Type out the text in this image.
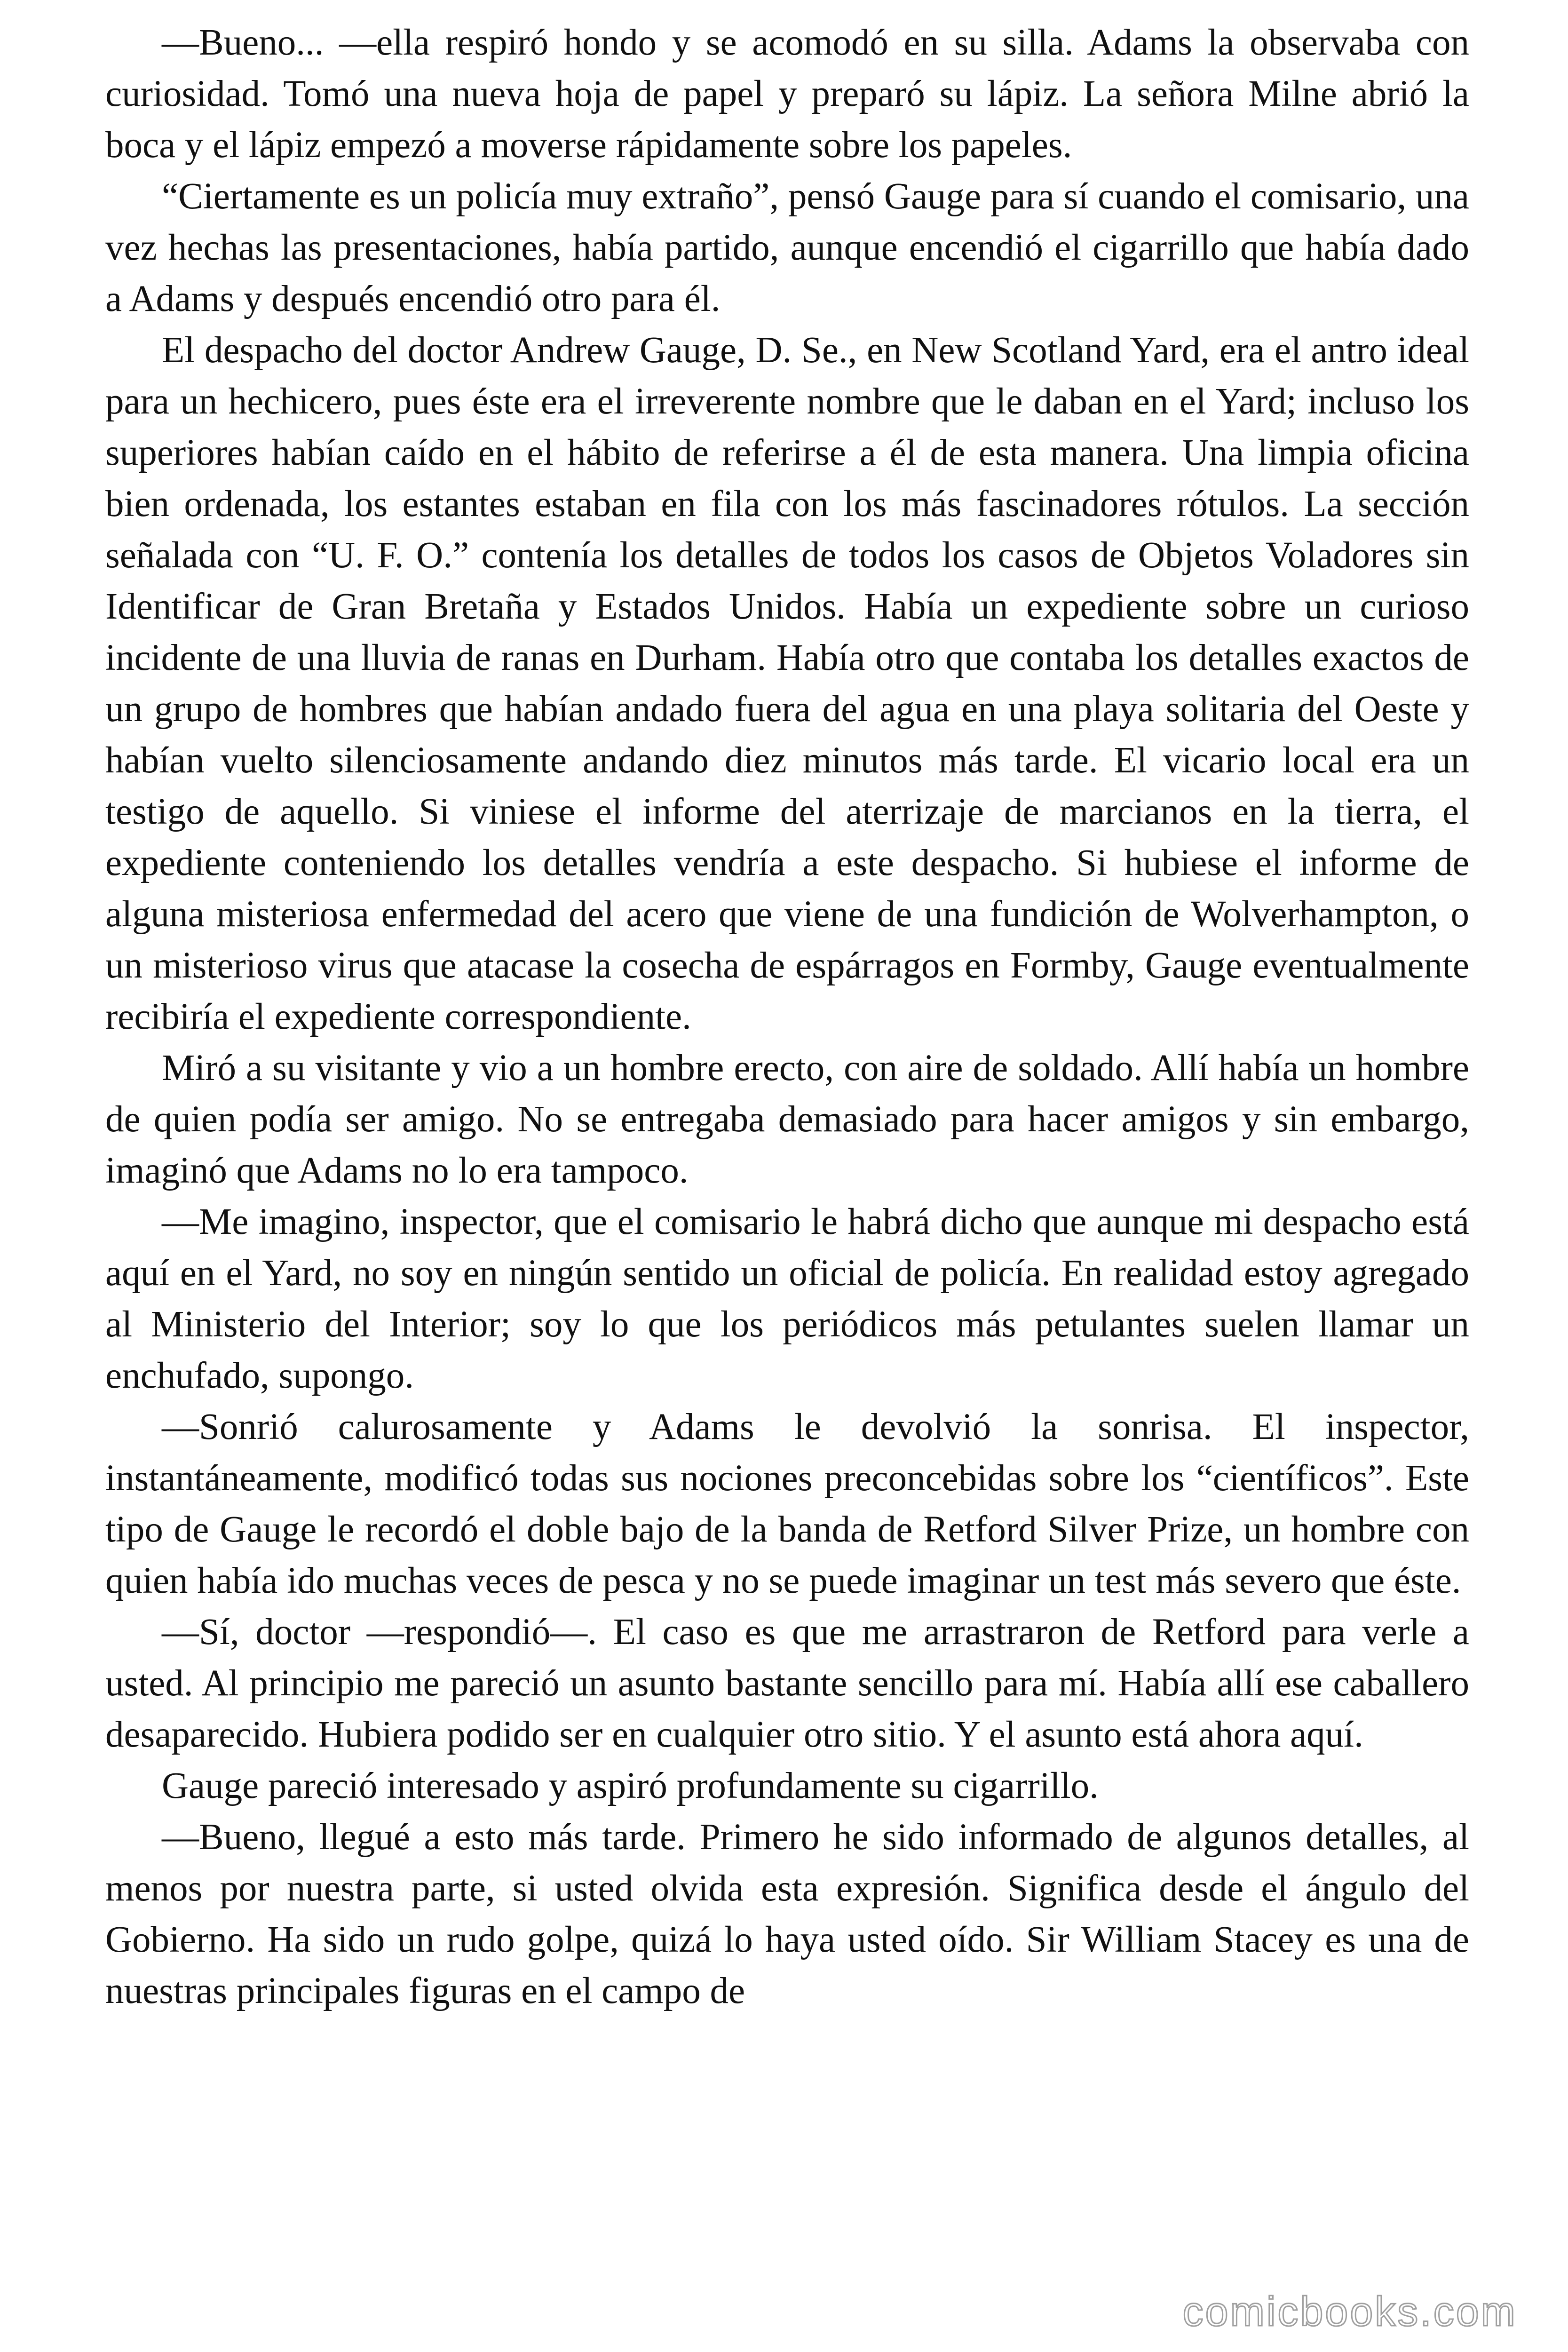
—Bueno... —ella respiró hondo y se acomodó en su silla. Adams la observaba con curiosidad. Tomó una nueva hoja de papel y preparó su lápiz. La señora Milne abrió la boca y el lápiz empezó a moverse rápidamente sobre los papeles.

“Ciertamente es un policía muy extraño”, pensó Gauge para sí cuando el comisario, una vez hechas las presentaciones, había partido, aunque encendió el cigarrillo que había dado a Adams y después encendió otro para él.

El despacho del doctor Andrew Gauge, D. Se., en New Scotland Yard, era el antro ideal para un hechicero, pues éste era el irreverente nombre que le daban en el Yard; incluso los superiores habían caído en el hábito de referirse a él de esta manera. Una limpia oficina bien ordenada, los estantes estaban en fila con los más fascinadores rótulos. La sección señalada con “U. F. O.” contenía los detalles de todos los casos de Objetos Voladores sin Identificar de Gran Bretaña y Estados Unidos. Había un expediente sobre un curioso incidente de una lluvia de ranas en Durham. Había otro que contaba los detalles exactos de un grupo de hombres que habían andado fuera del agua en una playa solitaria del Oeste y habían vuelto silenciosamente andando diez minutos más tarde. El vicario local era un testigo de aquello. Si viniese el informe del aterrizaje de marcianos en la tierra, el expediente conteniendo los detalles vendría a este despacho. Si hubiese el informe de alguna misteriosa enfermedad del acero que viene de una fundición de Wolverhampton, o un misterioso virus que atacase la cosecha de espárragos en Formby, Gauge eventualmente recibiría el expediente correspondiente.

Miró a su visitante y vio a un hombre erecto, con aire de soldado. Allí había un hombre de quien podía ser amigo. No se entregaba demasiado para hacer amigos y sin embargo, imaginó que Adams no lo era tampoco.

—Me imagino, inspector, que el comisario le habrá dicho que aunque mi despacho está aquí en el Yard, no soy en ningún sentido un oficial de policía. En realidad estoy agregado al Ministerio del Interior; soy lo que los periódicos más petulantes suelen llamar un enchufado, supongo.

—Sonrió calurosamente y Adams le devolvió la sonrisa. El inspector, instantáneamente, modificó todas sus nociones preconcebidas sobre los “científicos”. Este tipo de Gauge le recordó el doble bajo de la banda de Retford Silver Prize, un hombre con quien había ido muchas veces de pesca y no se puede imaginar un test más severo que éste.

—Sí, doctor —respondió—. El caso es que me arrastraron de Retford para verle a usted. Al principio me pareció un asunto bastante sencillo para mí. Había allí ese caballero desaparecido. Hubiera podido ser en cualquier otro sitio. Y el asunto está ahora aquí.

Gauge pareció interesado y aspiró profundamente su cigarrillo.

—Bueno, llegué a esto más tarde. Primero he sido informado de algunos detalles, al menos por nuestra parte, si usted olvida esta expresión. Significa desde el ángulo del Gobierno. Ha sido un rudo golpe, quizá lo haya usted oído. Sir William Stacey es una de nuestras principales figuras en el campo de

comicbooks.com
